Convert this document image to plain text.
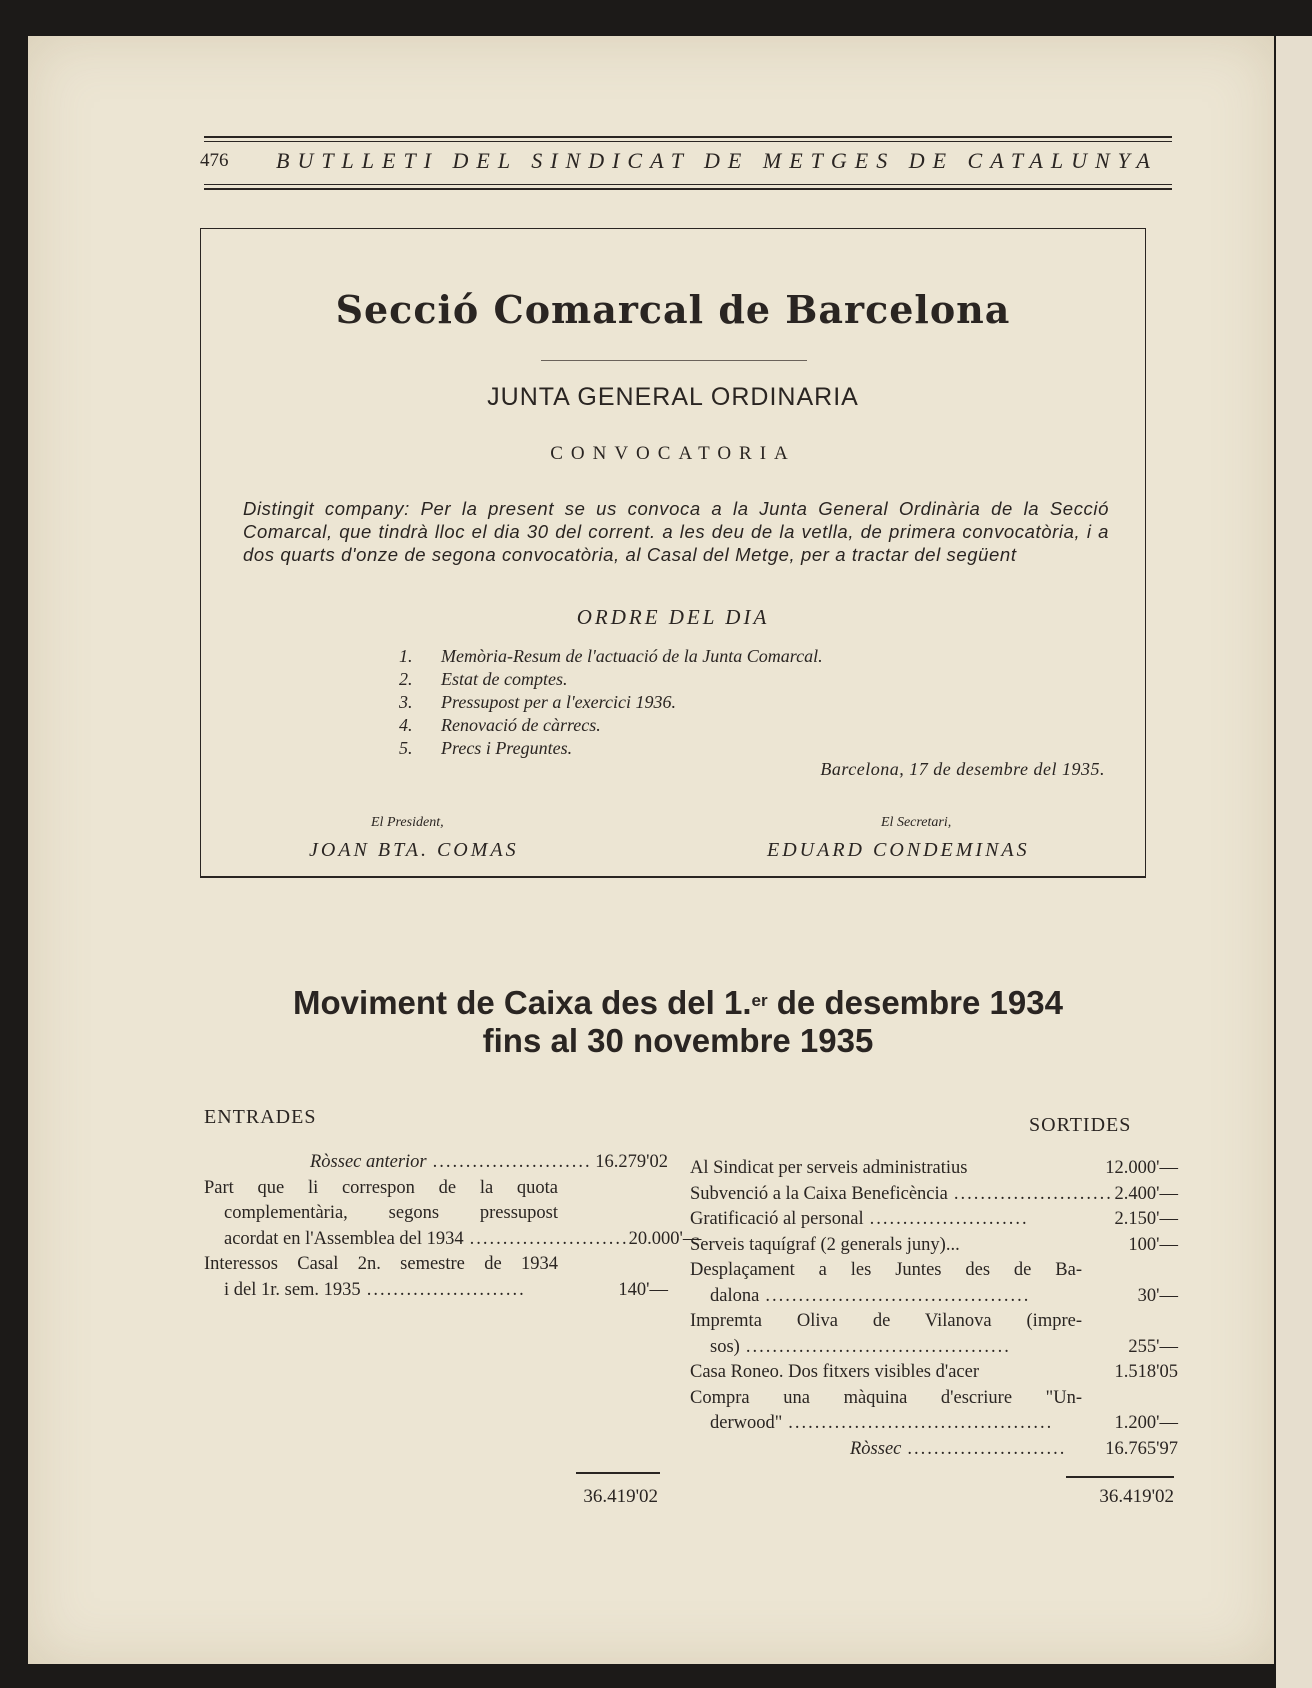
476 BUTLLETI DEL SINDICAT DE METGES DE CATALUNYA
Secció Comarcal de Barcelona
JUNTA GENERAL ORDINARIA
CONVOCATORIA
Distingit company: Per la present se us convoca a la Junta General Ordinària de la Secció Comarcal, que tindrà lloc el dia 30 del corrent. a les deu de la vetlla, de primera convocatòria, i a dos quarts d'onze de segona convocatòria, al Casal del Metge, per a tractar del següent
ORDRE DEL DIA
1.	Memòria-Resum de l'actuació de la Junta Comarcal.
2.	Estat de comptes.
3.	Pressupost per a l'exercici 1936.
4.	Renovació de càrrecs.
5.	Precs i Preguntes.
Barcelona, 17 de desembre del 1935.
El President,
JOAN BTA. COMAS
El Secretari,
EDUARD CONDEMINAS
Moviment de Caixa des del 1.$^{er}$ de desembre 1934
fins al 30 novembre 1935
ENTRADES	SORTIDES
Ròssec anterior ........................ 16.279'02
Part que li correspon de la quota
complementària, segons pressupost
acordat en l'Assemblea del 1934 ........................ 20.000'—
Interessos Casal 2n. semestre de 1934
i del 1r. sem. 1935 ........................	140'—
36.419'02
Al Sindicat per serveis administratius	12.000'—
Subvenció a la Caixa Beneficència ........................ 2.400'—
Gratificació al personal ........................	2.150'—
Serveis taquígraf (2 generals juny)...	100'—
Desplaçament a les Juntes des de Ba-
dalona ........................................	30'—
Impremta Oliva de Vilanova (impre-
sos) ........................................	255'—
Casa Roneo. Dos fitxers visibles d'acer	1.518'05
Compra una màquina d'escriure "Un-
derwood" ........................................	1.200'—
Ròssec ........................	16.765'97
36.419'02
